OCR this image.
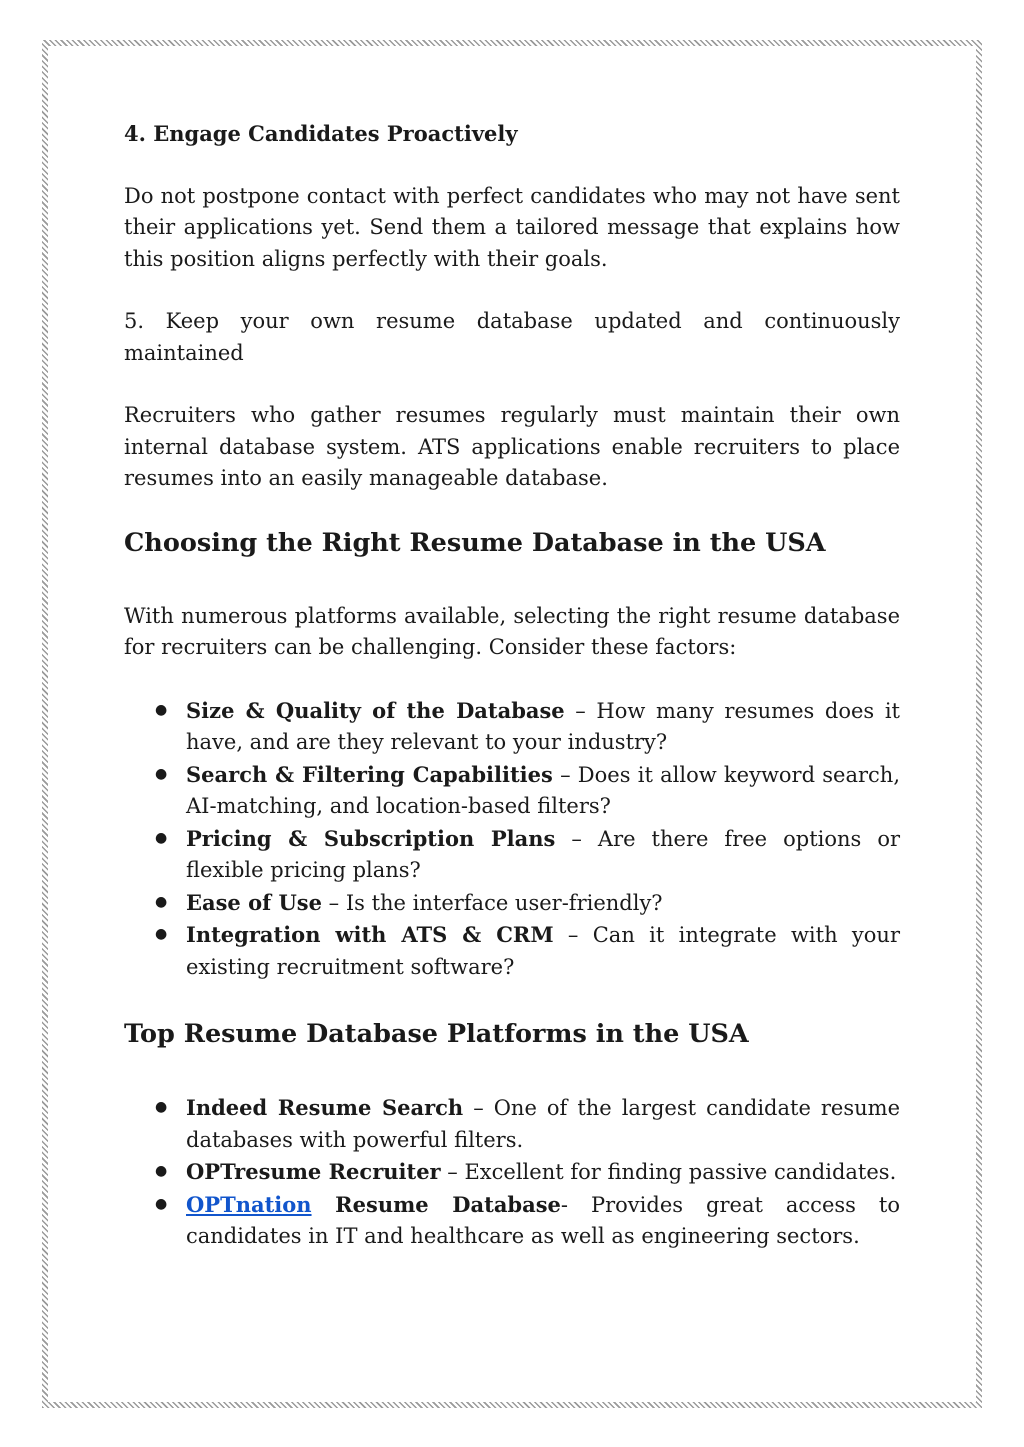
4. Engage Candidates Proactively

Do not postpone contact with perfect candidates who may not have sent their applications yet. Send them a tailored message that explains how this position aligns perfectly with their goals.

5. Keep your own resume database updated and continuously maintained

Recruiters who gather resumes regularly must maintain their own internal database system. ATS applications enable recruiters to place resumes into an easily manageable database.

Choosing the Right Resume Database in the USA

With numerous platforms available, selecting the right resume database for recruiters can be challenging. Consider these factors:

● Size & Quality of the Database – How many resumes does it have, and are they relevant to your industry?
● Search & Filtering Capabilities – Does it allow keyword search, AI-matching, and location-based filters?
● Pricing & Subscription Plans – Are there free options or flexible pricing plans?
● Ease of Use – Is the interface user-friendly?
● Integration with ATS & CRM – Can it integrate with your existing recruitment software?
Top Resume Database Platforms in the USA
● Indeed Resume Search – One of the largest candidate resume databases with powerful filters.
● OPTresume Recruiter – Excellent for finding passive candidates.
● OPTnation Resume Database- Provides great access to candidates in IT and healthcare as well as engineering sectors.
